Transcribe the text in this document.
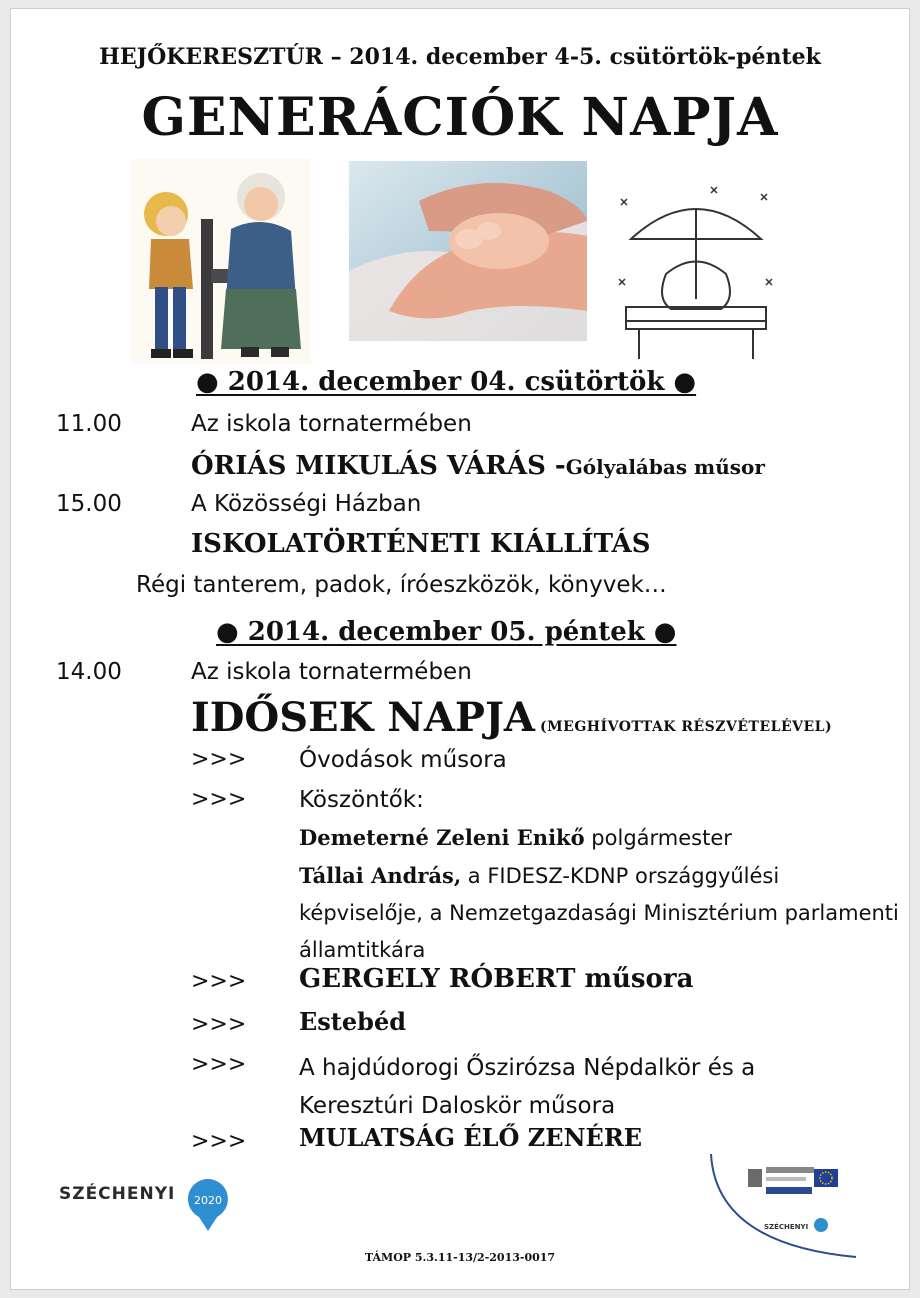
HEJŐKERESZTÚR – 2014. december 4-5. csütörtök-péntek
GENERÁCIÓK NAPJA
● 2014. december 04. csütörtök ●
11.00	Az iskola tornatermében
ÓRIÁS MIKULÁS VÁRÁS -Gólyalábas műsor
15.00	A Közösségi Házban
ISKOLATÖRTÉNETI KIÁLLÍTÁS
Régi tanterem, padok, íróeszközök, könyvek…
● 2014. december 05. péntek ●
14.00	Az iskola tornatermében
IDŐSEK NAPJA (MEGHÍVOTTAK RÉSZVÉTELÉVEL)
>>> Óvodások műsora
>>> Köszöntők:
Demeterné Zeleni Enikő polgármester
Tállai András, a FIDESZ-KDNP országgyűlési képviselője, a Nemzetgazdasági Minisztérium parlamenti államtitkára
>>> GERGELY RÓBERT műsora
>>> Estebéd
>>> A hajdúdorogi Őszirózsa Népdalkör és a Keresztúri Daloskör műsora
>>> MULATSÁG ÉLŐ ZENÉRE
SZÉCHENYI 2020
SZÉCHENYI
TÁMOP 5.3.11-13/2-2013-0017
